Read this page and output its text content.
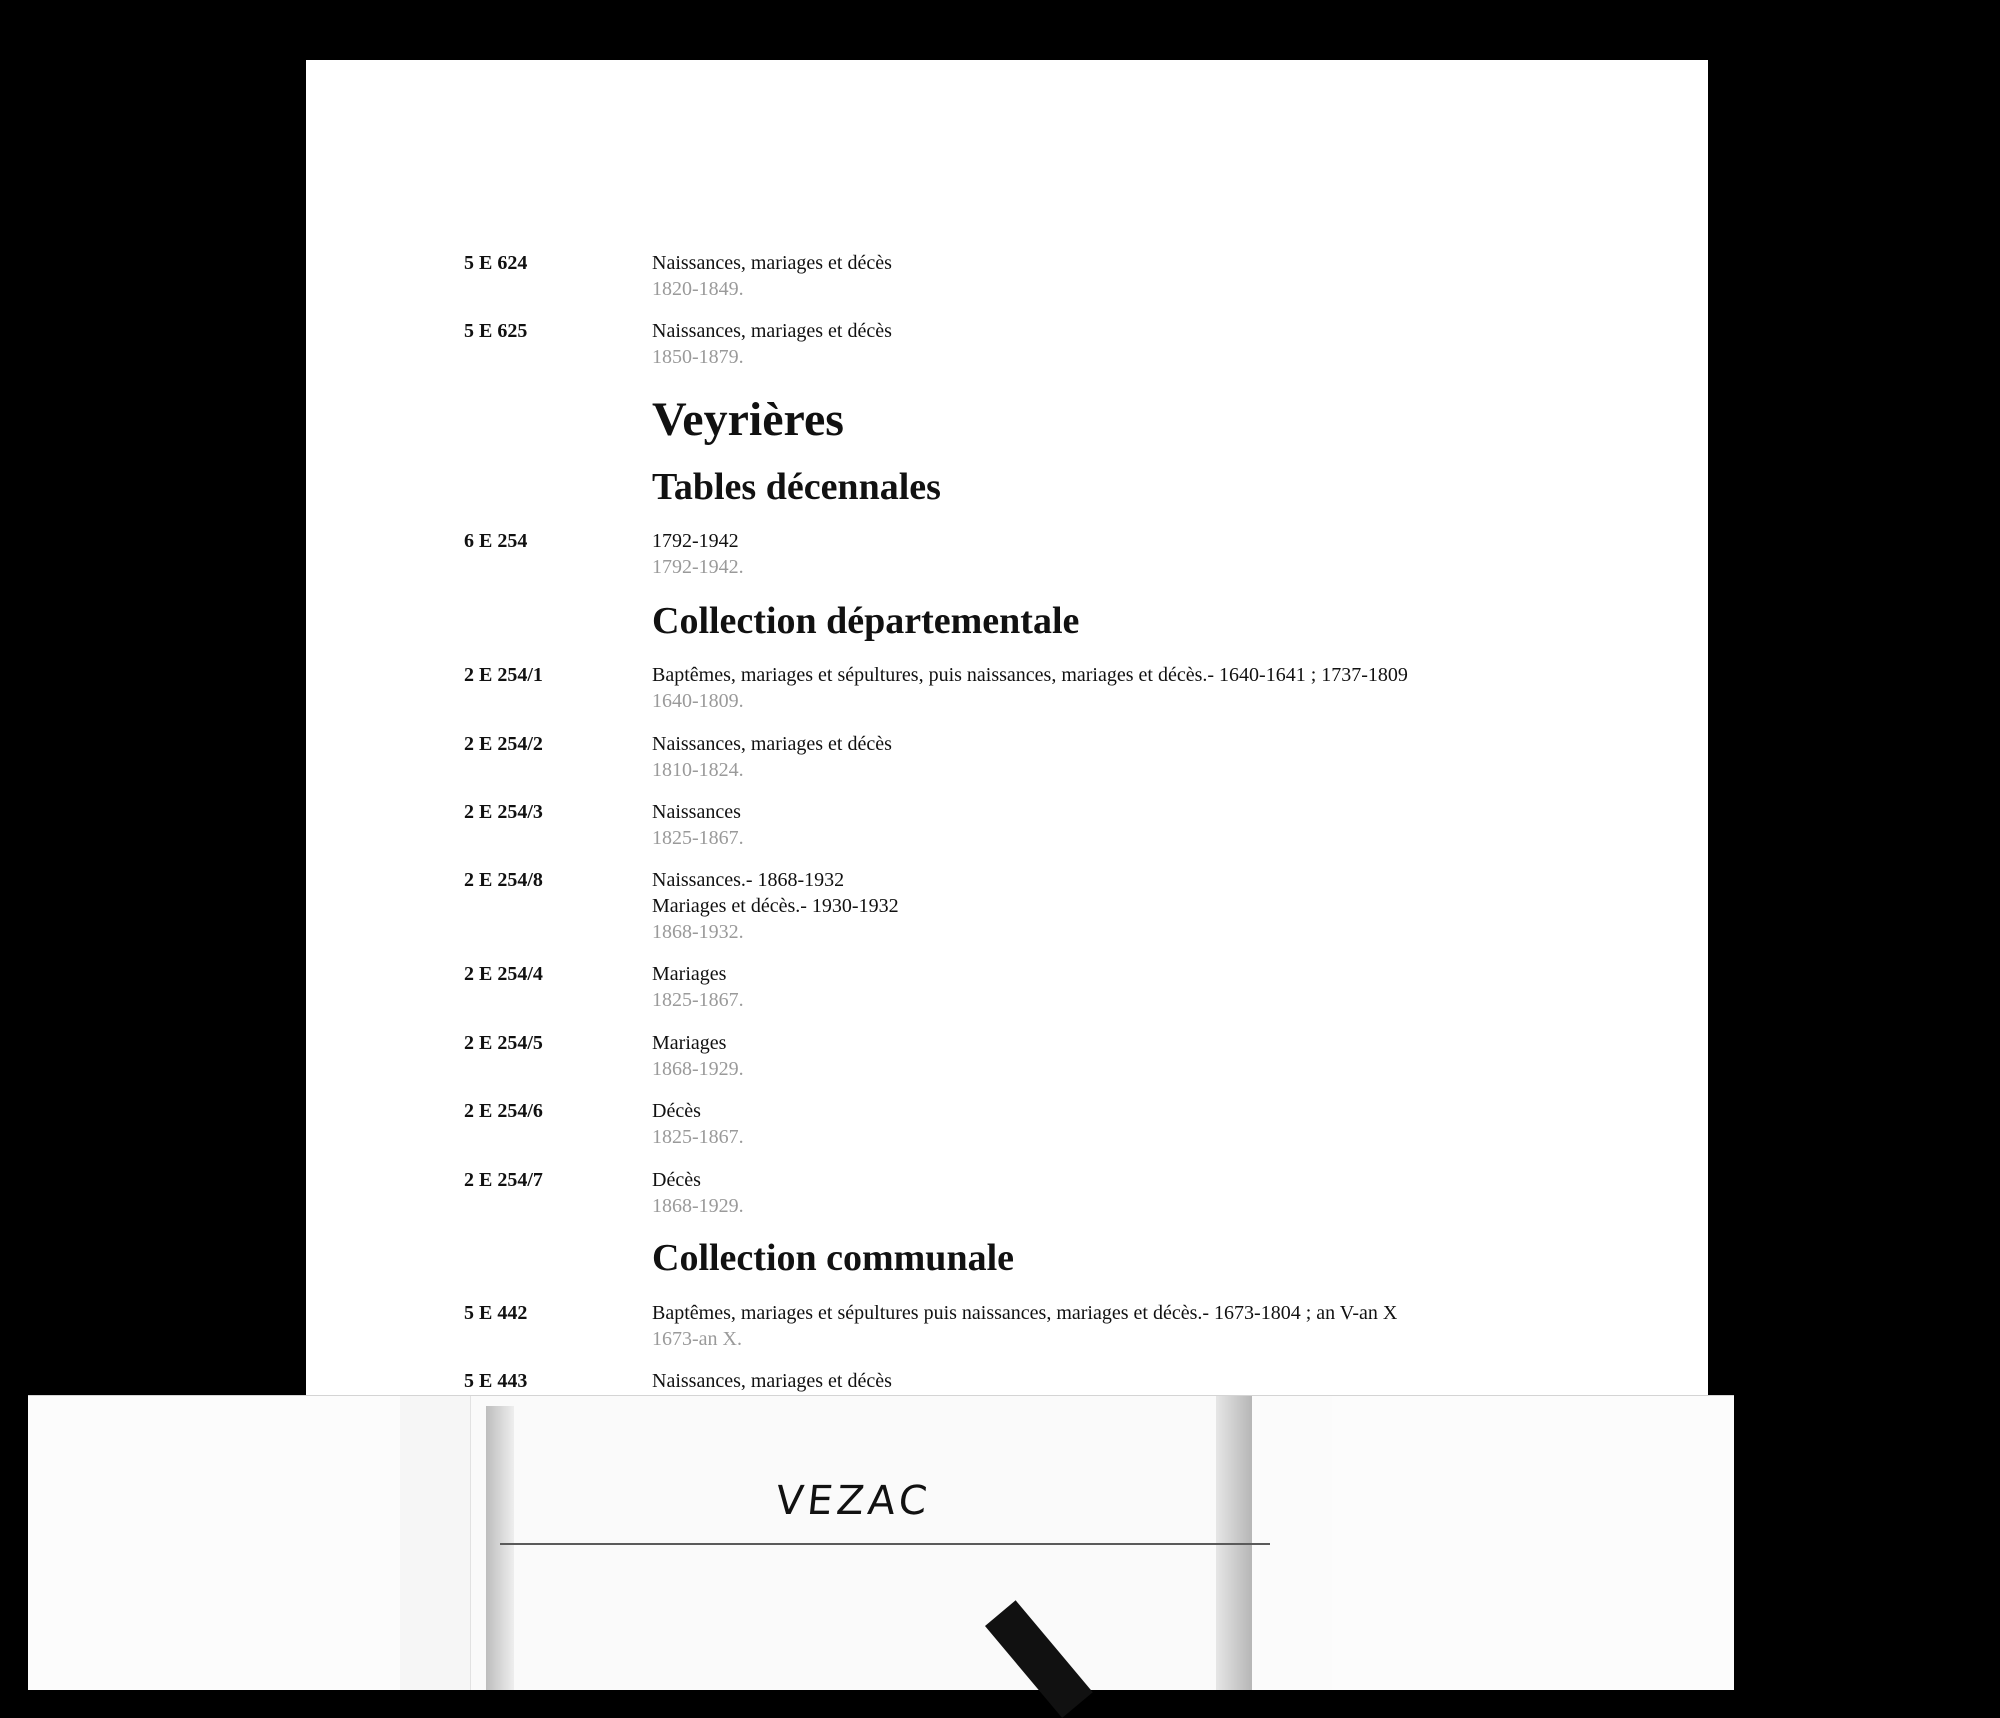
5 E 624	Naissances, mariages et décès
1820-1849.
5 E 625	Naissances, mariages et décès
1850-1879.
Veyrières
Tables décennales
6 E 254	1792-1942
1792-1942.
Collection départementale
2 E 254/1	Baptêmes, mariages et sépultures, puis naissances, mariages et décès.- 1640-1641 ; 1737-1809
1640-1809.
2 E 254/2	Naissances, mariages et décès
1810-1824.
2 E 254/3	Naissances
1825-1867.
2 E 254/8	Naissances.- 1868-1932
Mariages et décès.- 1930-1932
1868-1932.
2 E 254/4	Mariages
1825-1867.
2 E 254/5	Mariages
1868-1929.
2 E 254/6	Décès
1825-1867.
2 E 254/7	Décès
1868-1929.
Collection communale
5 E 442	Baptêmes, mariages et sépultures puis naissances, mariages et décès.- 1673-1804 ; an V-an X
1673-an X.
5 E 443	Naissances, mariages et décès
VEZAC
